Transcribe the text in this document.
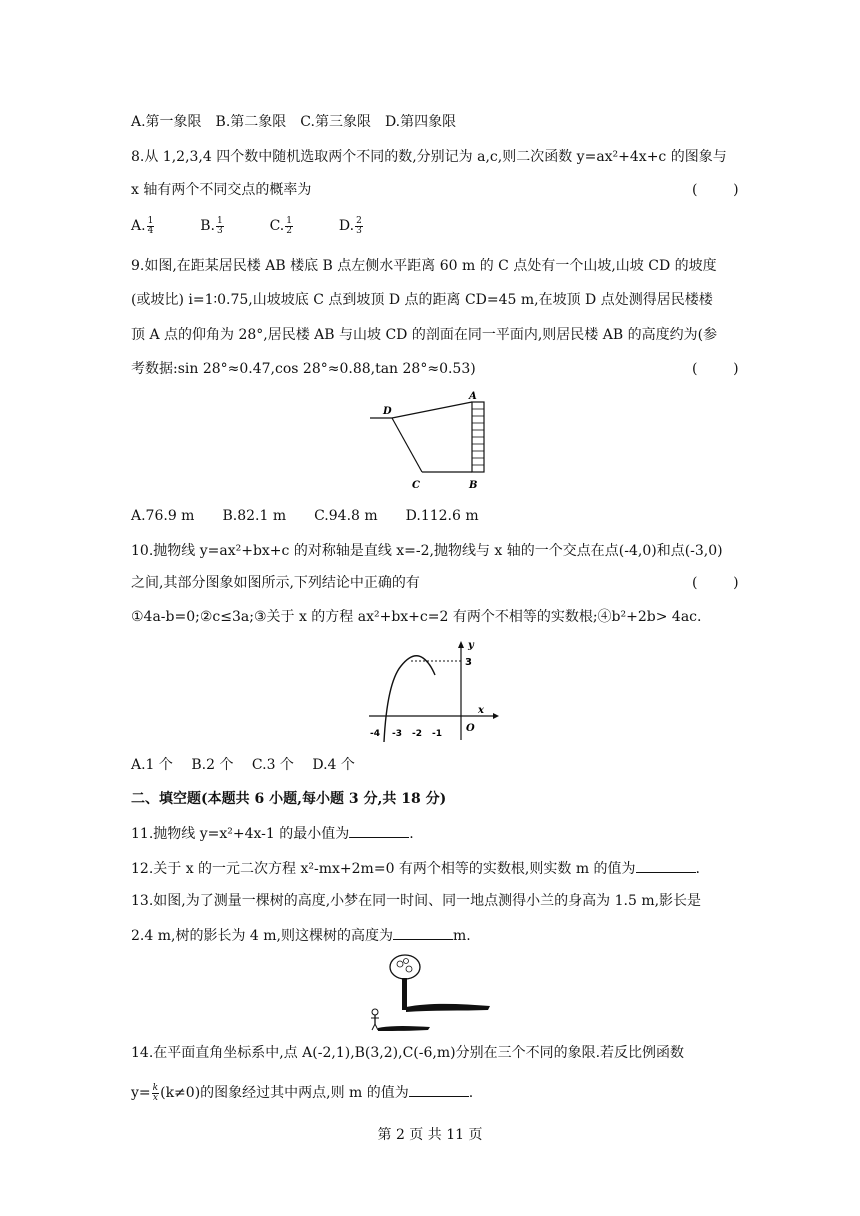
A.第一象限　B.第二象限　C.第三象限　D.第四象限
8.从 1,2,3,4 四个数中随机选取两个不同的数,分别记为 a,c,则二次函数 y=ax²+4x+c 的图象与
x 轴有两个不同交点的概率为	(        )
A. $\frac{1}{4}$	B. $\frac{1}{3}$	C. $\frac{1}{2}$	D. $\frac{2}{3}$
9.如图,在距某居民楼 AB 楼底 B 点左侧水平距离 60 m 的 C 点处有一个山坡,山坡 CD 的坡度
(或坡比) i=1∶0.75,山坡坡底 C 点到坡顶 D 点的距离 CD=45 m,在坡顶 D 点处测得居民楼楼
顶 A 点的仰角为 28°,居民楼 AB 与山坡 CD 的剖面在同一平面内,则居民楼 AB 的高度约为(参
考数据:sin 28°≈0.47,cos 28°≈0.88,tan 28°≈0.53)	(        )
A
B
C
D
A.76.9 m　　B.82.1 m　　C.94.8 m　　D.112.6 m
10.抛物线 y=ax²+bx+c 的对称轴是直线 x=-2,抛物线与 x 轴的一个交点在点(-4,0)和点(-3,0)
之间,其部分图象如图所示,下列结论中正确的有	(        )
①4a-b=0;②c≤3a;③关于 x 的方程 ax²+bx+c=2 有两个不相等的实数根;④b²+2b> 4ac.
y
x
3
O
-4 -3 -2 -1
A.1 个　 B.2 个　 C.3 个　 D.4 个
二、填空题(本题共 6 小题,每小题 3 分,共 18 分)
11.抛物线 y=x²+4x-1 的最小值为	.
12.关于 x 的一元二次方程 x²-mx+2m=0 有两个相等的实数根,则实数 m 的值为	.
13.如图,为了测量一棵树的高度,小梦在同一时间、同一地点测得小兰的身高为 1.5 m,影长是
2.4 m,树的影长为 4 m,则这棵树的高度为	m.
14.在平面直角坐标系中,点 A(-2,1),B(3,2),C(-6,m)分别在三个不同的象限.若反比例函数
$y= \frac{k}{x} (k\ne 0)$的图象经过其中两点,则 m 的值为	.
第 2 页 共 11 页
